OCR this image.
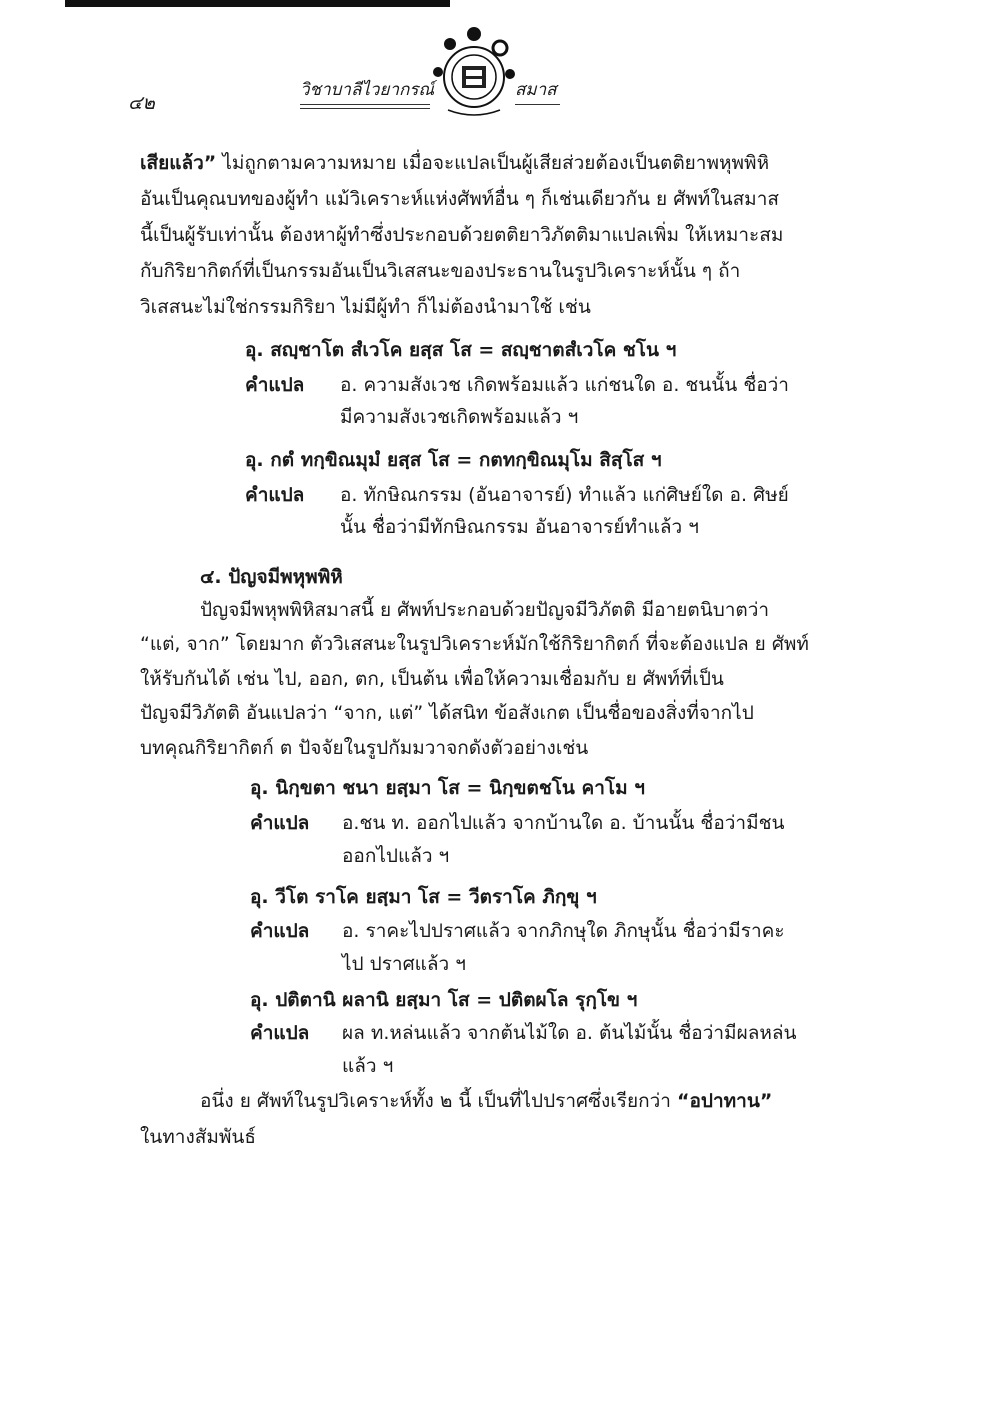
๔๒
วิชาบาลีไวยากรณ์	สมาส
เสียแล้ว” ไม่ถูกตามความหมาย เมื่อจะแปลเป็นผู้เสียส่วยต้องเป็นตติยาพหุพพิหิ
อันเป็นคุณบทของผู้ทำ แม้วิเคราะห์แห่งศัพท์อื่น ๆ ก็เช่นเดียวกัน ย ศัพท์ในสมาส
นี้เป็นผู้รับเท่านั้น ต้องหาผู้ทำซึ่งประกอบด้วยตติยาวิภัตติมาแปลเพิ่ม ให้เหมาะสม
กับกิริยากิตก์ที่เป็นกรรมอันเป็นวิเสสนะของประธานในรูปวิเคราะห์นั้น ๆ ถ้า
วิเสสนะไม่ใช่กรรมกิริยา ไม่มีผู้ทำ ก็ไม่ต้องนำมาใช้ เช่น
อุ. สญฺชาโต สํเวโค ยสฺส โส = สญฺชาตสํเวโค ชโน ฯ
คำแปล อ. ความสังเวช เกิดพร้อมแล้ว แก่ชนใด อ. ชนนั้น ชื่อว่า
มีความสังเวชเกิดพร้อมแล้ว ฯ
อุ. กตํ ทกฺขิณมุมํ ยสฺส โส = กตทกฺขิณมุโม สิสฺโส ฯ
คำแปล อ. ทักษิณกรรม (อันอาจารย์) ทำแล้ว แก่ศิษย์ใด อ. ศิษย์
นั้น ชื่อว่ามีทักษิณกรรม อันอาจารย์ทำแล้ว ฯ
๔. ปัญจมีพหุพพิหิ
ปัญจมีพหุพพิหิสมาสนี้ ย ศัพท์ประกอบด้วยปัญจมีวิภัตติ มีอายตนิบาตว่า
“แต่, จาก” โดยมาก ตัววิเสสนะในรูปวิเคราะห์มักใช้กิริยากิตก์ ที่จะต้องแปล ย ศัพท์
ให้รับกันได้ เช่น ไป, ออก, ตก, เป็นต้น เพื่อให้ความเชื่อมกับ ย ศัพท์ที่เป็น
ปัญจมีวิภัตติ อันแปลว่า “จาก, แต่” ได้สนิท ข้อสังเกต เป็นชื่อของสิ่งที่จากไป
บทคุณกิริยากิตก์ ต ปัจจัยในรูปกัมมวาจกดังตัวอย่างเช่น
อุ. นิกฺขตา ชนา ยสฺมา โส = นิกฺขตชโน คาโม ฯ
คำแปล อ.ชน ท. ออกไปแล้ว จากบ้านใด อ. บ้านนั้น ชื่อว่ามีชน
ออกไปแล้ว ฯ
อุ. วีโต ราโค ยสฺมา โส = วีตราโค ภิกฺขุ ฯ
คำแปล อ. ราคะไปปราศแล้ว จากภิกษุใด ภิกษุนั้น ชื่อว่ามีราคะ
ไป ปราศแล้ว ฯ
อุ. ปติตานิ ผลานิ ยสฺมา โส = ปติตผโล รุกฺโข ฯ
คำแปล ผล ท.หล่นแล้ว จากต้นไม้ใด อ. ต้นไม้นั้น ชื่อว่ามีผลหล่น
แล้ว ฯ
อนึ่ง ย ศัพท์ในรูปวิเคราะห์ทั้ง ๒ นี้ เป็นที่ไปปราศซึ่งเรียกว่า “อปาทาน”
ในทางสัมพันธ์
